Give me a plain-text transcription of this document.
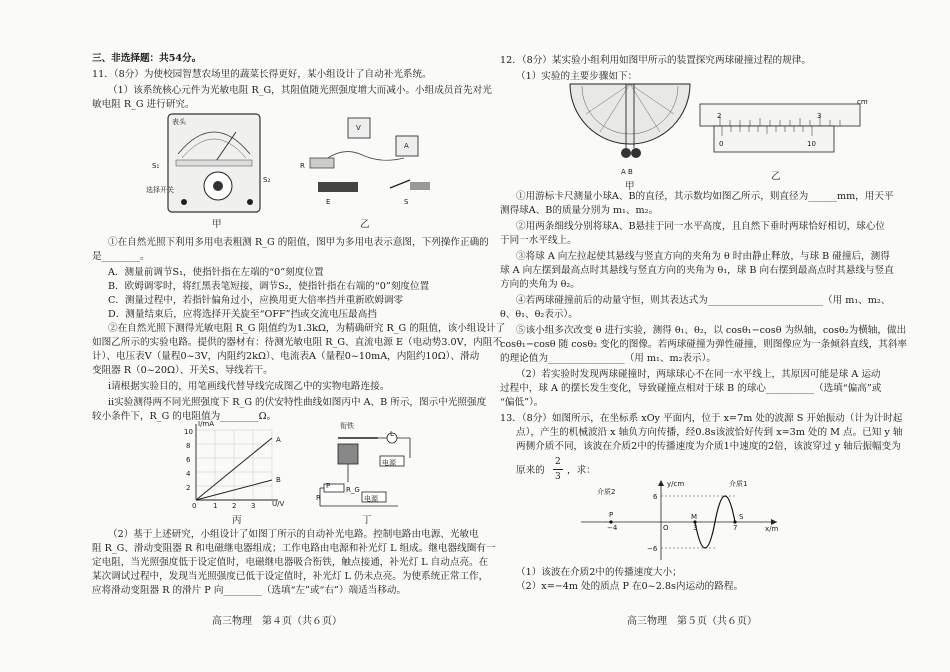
三、非选择题：共54分。
11．（8分）为使校园智慧农场里的蔬菜长得更好，某小组设计了自动补光系统。
（1）该系统核心元件为光敏电阻 R_G，其阻值随光照强度增大而减小。小组成员首先对光
敏电阻 R_G 进行研究。
S₁
S₂
选择开关
表头
甲
V
A
E	S
R
乙
①在自然光照下利用多用电表粗测 R_G 的阻值，图甲为多用电表示意图，下列操作正确的
是________。
A．测量前调节S₁，使指针指在左端的“0”刻度位置
B．欧姆调零时，将红黑表笔短接，调节S₂，使指针指在右端的“0”刻度位置
C．测量过程中，若指针偏角过小，应换用更大倍率挡并重新欧姆调零
D．测量结束后，应将选择开关旋至“OFF”挡或交流电压最高挡
②在自然光照下测得光敏电阻 R_G 阻值约为1.3kΩ，为精确研究 R_G 的阻值，该小组设计了
如图乙所示的实验电路。提供的器材有：待测光敏电阻 R_G、直流电源 E（电动势3.0V，内阻不
计）、电压表V（量程0~3V，内阻约2kΩ）、电流表A（量程0~10mA，内阻约10Ω）、滑动
变阻器 R（0~20Ω）、开关S、导线若干。
ⅰ请根据实验目的，用笔画线代替导线完成图乙中的实物电路连接。
ⅱ实验测得两不同光照强度下 R_G 的伏安特性曲线如图丙中 A、B 所示，图示中光照强度
较小条件下，R_G 的电阻值为________Ω。
I/mA
U/V
A
B
10
8
6
4
2
0 1 2 3
丙
衔铁
L
电源
电源
P
R
R_G
丁
（2）基于上述研究，小组设计了如图丁所示的自动补光电路。控制电路由电源、光敏电
阻 R_G、滑动变阻器 R 和电磁继电器组成；工作电路由电源和补光灯 L 组成。继电器线圈有一
定电阻，当光照强度低于设定值时，电磁继电器吸合衔铁，触点接通，补光灯 L 自动点亮。在
某次调试过程中，发现当光照强度已低于设定值时，补光灯 L 仍未点亮。为使系统正常工作，
应将滑动变阻器 R 的滑片 P 向________（选填“左”或“右”）端适当移动。
高三物理　第４页（共６页）
12．（8分）某实验小组利用如图甲所示的装置探究两球碰撞过程的规律。
（1）实验的主要步骤如下：
A B
甲
cm
2	3
0	10
乙
①用游标卡尺测量小球A、B的直径，其示数均如图乙所示，则直径为______mm，用天平
测得球A、B的质量分别为 m₁、m₂。
②用两条细线分别将球A、B悬挂于同一水平高度，且自然下垂时两球恰好相切，球心位
于同一水平线上。
③将球 A 向左拉起使其悬线与竖直方向的夹角为 θ 时由静止释放，与球 B 碰撞后，测得
球 A 向左摆到最高点时其悬线与竖直方向的夹角为 θ₁，球 B 向右摆到最高点时其悬线与竖直
方向的夹角为 θ₂。
④若两球碰撞前后的动量守恒，则其表达式为________________________（用 m₁、m₂、
θ、θ₁、θ₂表示）。
⑤该小组多次改变 θ 进行实验，测得 θ₁、θ₂，以 cosθ₁−cosθ 为纵轴，cosθ₂为横轴，做出
cosθ₁−cosθ 随 cosθ₂ 变化的图像。若两球碰撞为弹性碰撞，则图像应为一条倾斜直线，其斜率
的理论值为________________（用 m₁、m₂表示）。
（2）若实验时发现两球碰撞时，两球球心不在同一水平线上，其原因可能是球 A 运动
过程中，球 A 的摆长发生变化，导致碰撞点相对于球 B 的球心__________（选填“偏高”或
“偏低”）。
13．（8分）如图所示，在坐标系 xOy 平面内，位于 x=7m 处的波源 S 开始振动（计为计时起
点），产生的机械波沿 x 轴负方向传播，经0.8s该波恰好传到 x=3m 处的 M 点。已知 y 轴
两侧介质不同，该波在介质2中的传播速度为介质1中速度的2倍，该波穿过 y 轴后振幅变为
原来的
2
3
，求：
y/cm
x/m
介质2
介质1
P	M	S
O
6
−6
−4	3	7
（1）该波在介质2中的传播速度大小；
（2）x=−4m 处的质点 P 在0~2.8s内运动的路程。
高三物理　第５页（共６页）
